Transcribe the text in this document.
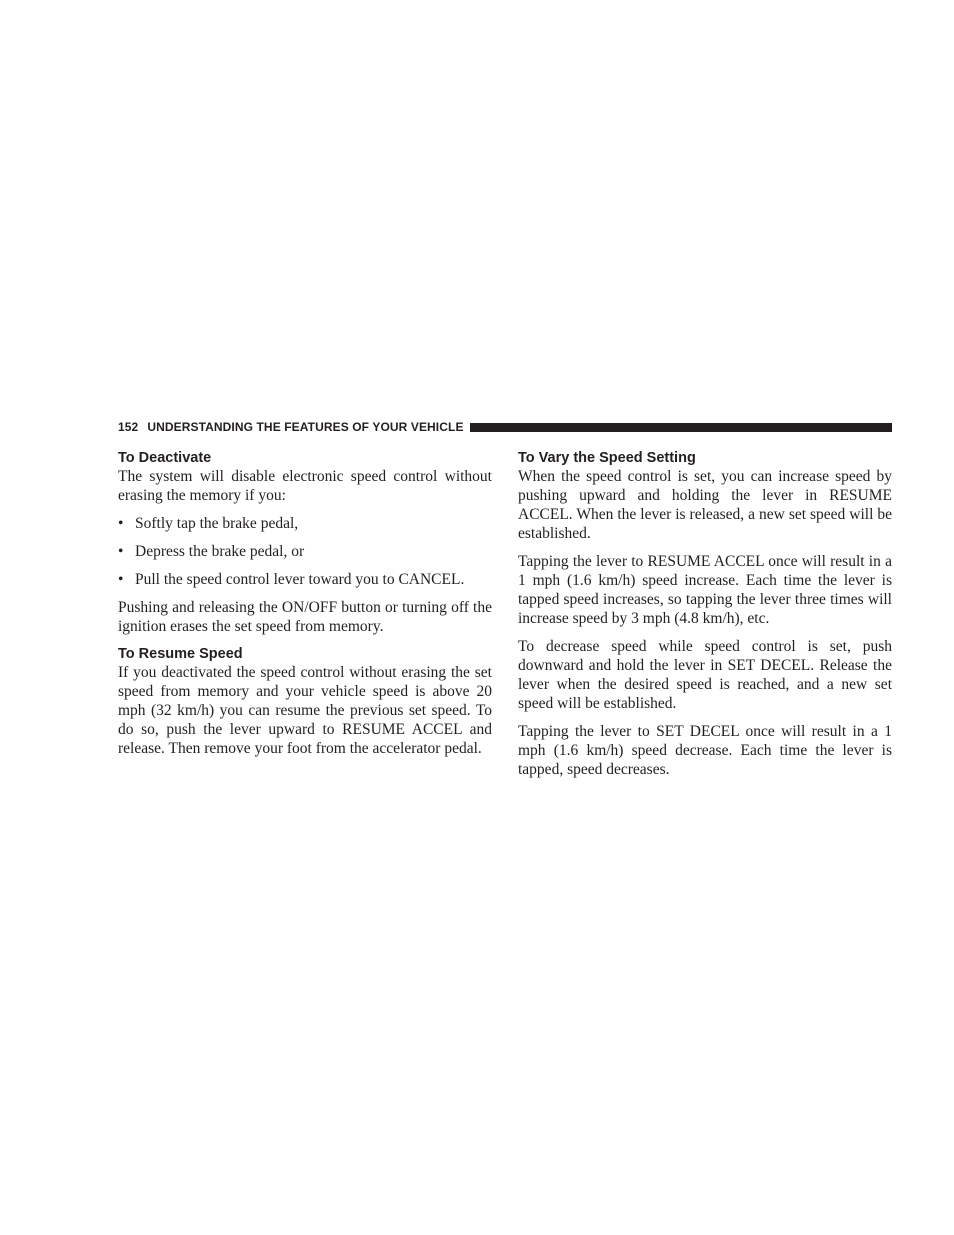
152 UNDERSTANDING THE FEATURES OF YOUR VEHICLE
To Deactivate

The system will disable electronic speed control without erasing the memory if you:

• Softly tap the brake pedal,
• Depress the brake pedal, or
• Pull the speed control lever toward you to CANCEL.

Pushing and releasing the ON/OFF button or turning off the ignition erases the set speed from memory.

To Resume Speed

If you deactivated the speed control without erasing the set speed from memory and your vehicle speed is above 20 mph (32 km/h) you can resume the previous set speed. To do so, push the lever upward to RESUME ACCEL and release. Then remove your foot from the accelerator pedal.

To Vary the Speed Setting

When the speed control is set, you can increase speed by pushing upward and holding the lever in RESUME ACCEL. When the lever is released, a new set speed will be established.

Tapping the lever to RESUME ACCEL once will result in a 1 mph (1.6 km/h) speed increase. Each time the lever is tapped speed increases, so tapping the lever three times will increase speed by 3 mph (4.8 km/h), etc.

To decrease speed while speed control is set, push downward and hold the lever in SET DECEL. Release the lever when the desired speed is reached, and a new set speed will be established.

Tapping the lever to SET DECEL once will result in a 1 mph (1.6 km/h) speed decrease. Each time the lever is tapped, speed decreases.
